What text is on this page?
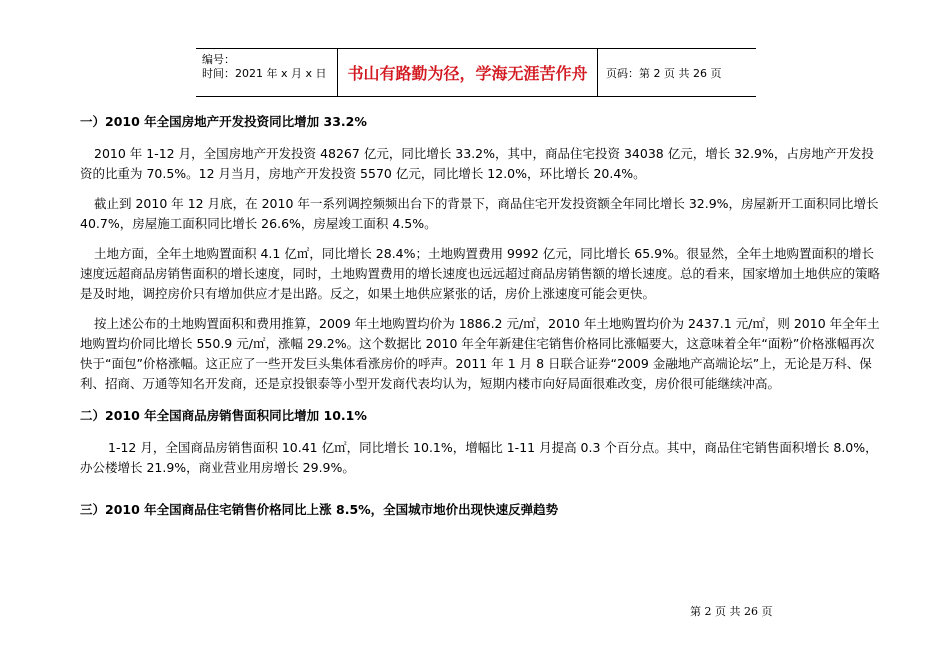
编号：
时间：2021 年 x 月 x 日	书山有路勤为径，学海无涯苦作舟	页码：第 2 页 共 26 页
一）2010 年全国房地产开发投资同比增加 33.2%

2010 年 1-12 月，全国房地产开发投资 48267 亿元，同比增长 33.2%，其中，商品住宅投资 34038 亿元，增长 32.9%，占房地产开发投资的比重为 70.5%。12 月当月，房地产开发投资 5570 亿元，同比增长 12.0%，环比增长 20.4%。

截止到 2010 年 12 月底，在 2010 年一系列调控频频出台下的背景下，商品住宅开发投资额全年同比增长 32.9%，房屋新开工面积同比增长 40.7%，房屋施工面积同比增长 26.6%，房屋竣工面积 4.5%。

土地方面，全年土地购置面积 4.1 亿㎡，同比增长 28.4%；土地购置费用 9992 亿元，同比增长 65.9%。很显然，全年土地购置面积的增长速度远超商品房销售面积的增长速度，同时，土地购置费用的增长速度也远远超过商品房销售额的增长速度。总的看来，国家增加土地供应的策略是及时地，调控房价只有增加供应才是出路。反之，如果土地供应紧张的话，房价上涨速度可能会更快。

按上述公布的土地购置面积和费用推算，2009 年土地购置均价为 1886.2 元/㎡，2010 年土地购置均价为 2437.1 元/㎡，则 2010 年全年土地购置均价同比增长 550.9 元/㎡，涨幅 29.2%。这个数据比 2010 年全年新建住宅销售价格同比涨幅要大，这意味着全年“面粉”价格涨幅再次快于“面包”价格涨幅。这正应了一些开发巨头集体看涨房价的呼声。2011 年 1 月 8 日联合证券“2009 金融地产高端论坛”上，无论是万科、保利、招商、万通等知名开发商，还是京投银泰等小型开发商代表均认为，短期内楼市向好局面很难改变，房价很可能继续冲高。

二）2010 年全国商品房销售面积同比增加 10.1%

1-12 月，全国商品房销售面积 10.41 亿㎡，同比增长 10.1%，增幅比 1-11 月提高 0.3 个百分点。其中，商品住宅销售面积增长 8.0%，办公楼增长 21.9%，商业营业用房增长 29.9%。

三）2010 年全国商品住宅销售价格同比上涨 8.5%，全国城市地价出现快速反弹趋势
第 2 页 共 26 页
